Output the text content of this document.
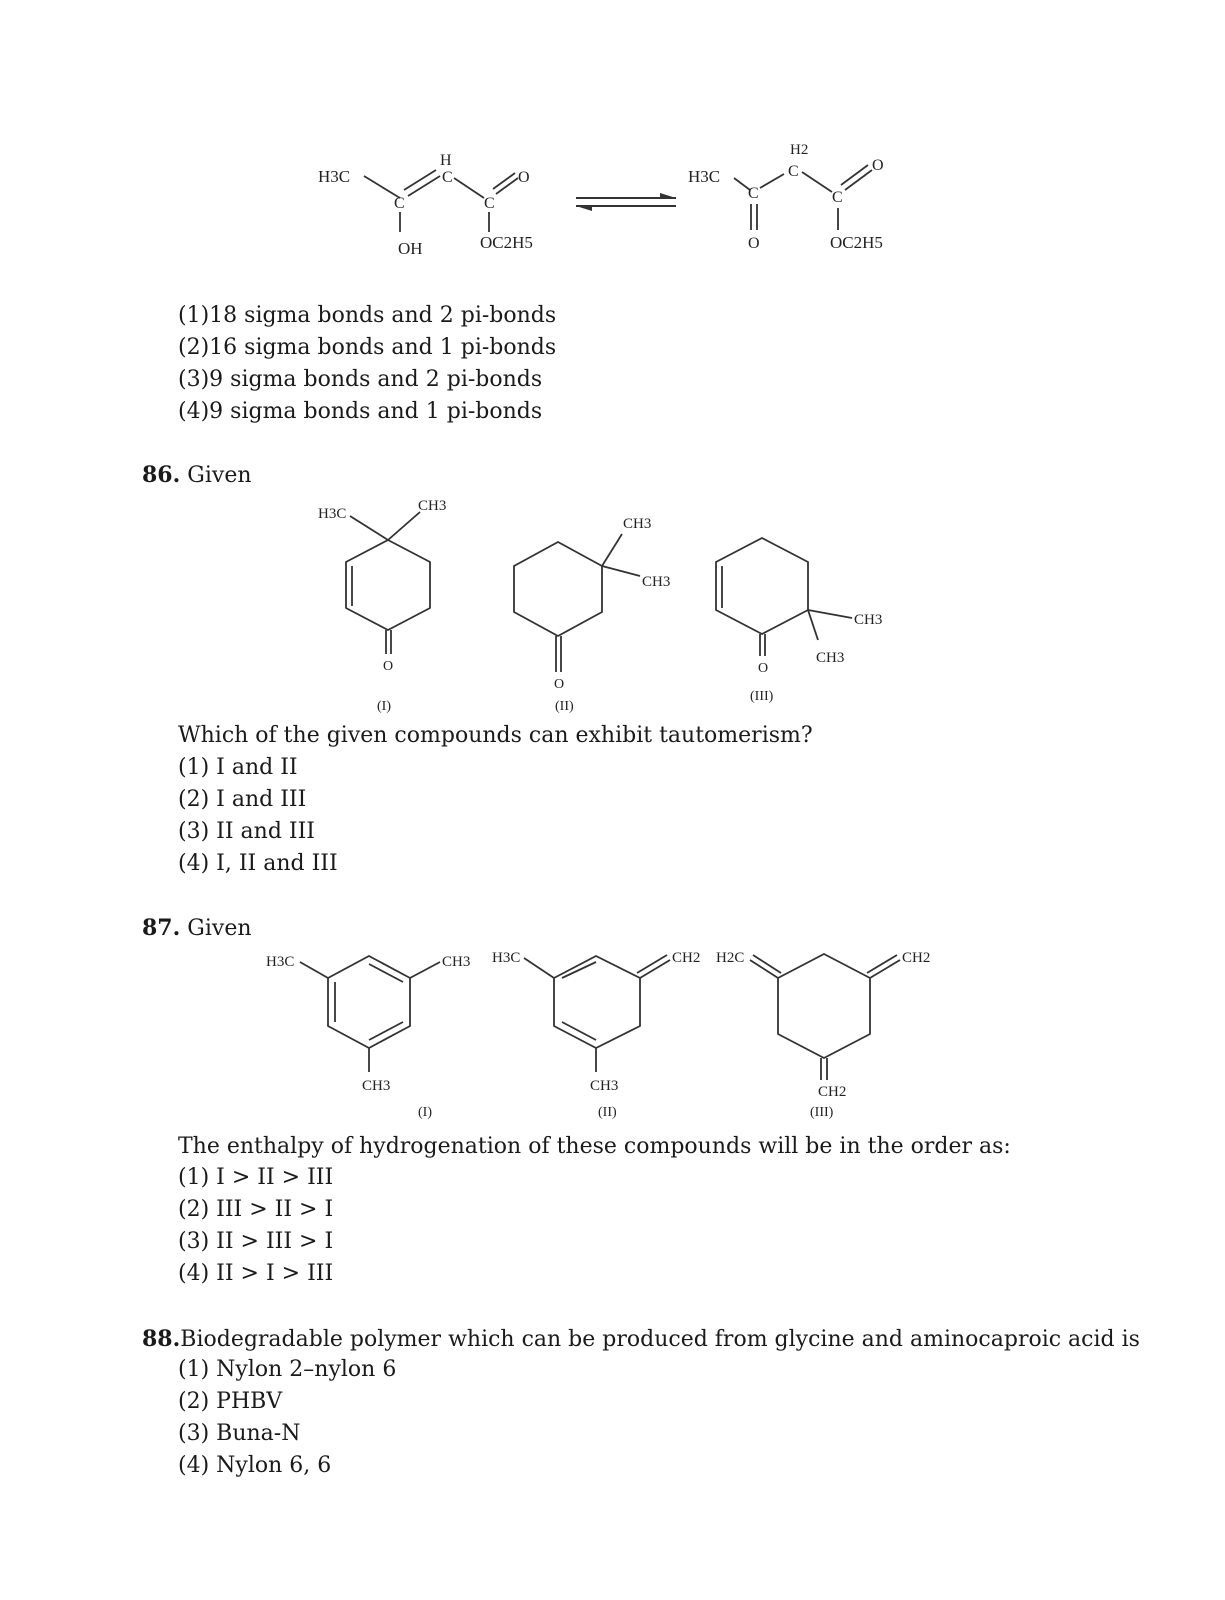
H3C
C
H
C
C
O
OH	OC2H5
H3C
C
H2
C
C
O
O	OC2H5
(1)18 sigma bonds and 2 pi-bonds
(2)16 sigma bonds and 1 pi-bonds
(3)9 sigma bonds and 2 pi-bonds
(4)9 sigma bonds and 1 pi-bonds
86. Given
H3C	CH3
O
(I)
CH3
CH3
O
(II)
CH3
CH3
O
(III)
Which of the given compounds can exhibit tautomerism?
(1) I and II
(2) I and III
(3) II and III
(4) I, II and III
87. Given
H3C	CH3
CH3
(I)
H3C	CH2
CH3
(II)
H2C	CH2
CH2
(III)
The enthalpy of hydrogenation of these compounds will be in the order as:
(1) I > II > III
(2) III > II > I
(3) II > III > I
(4) II > I > III
88.Biodegradable polymer which can be produced from glycine and aminocaproic acid is
(1) Nylon 2–nylon 6
(2) PHBV
(3) Buna-N
(4) Nylon 6, 6
